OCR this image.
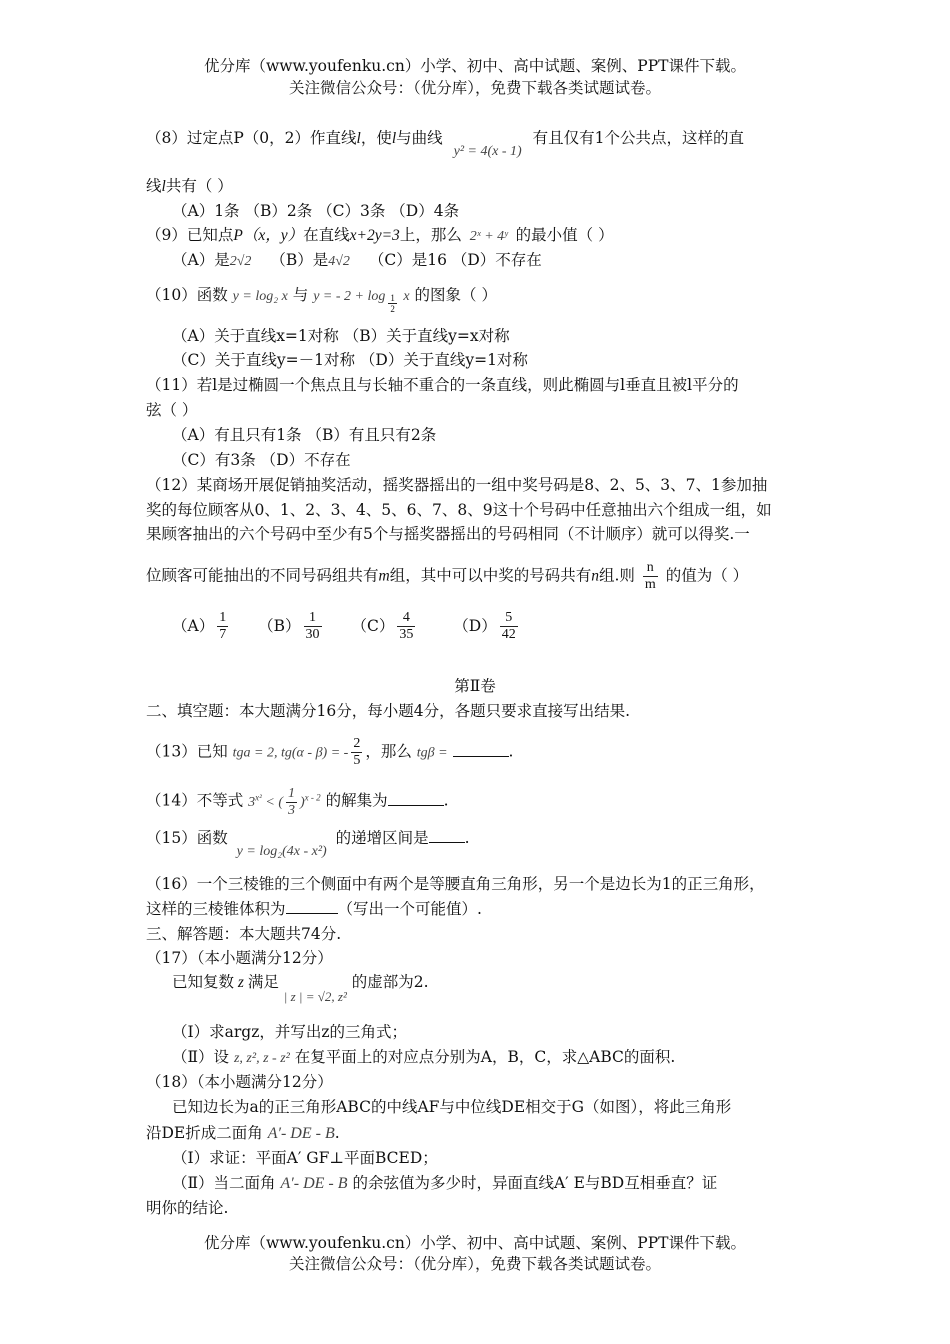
优分库（www.youfenku.cn）小学、初中、高中试题、案例、PPT课件下载。
关注微信公众号：（优分库），免费下载各类试题试卷。
（8）过定点P（0，2）作直线l，使l与曲线 y² = 4(x - 1) 有且仅有1个公共点，这样的直
线l共有（ ）
（A）1条 （B）2条 （C）3条 （D）4条
（9）已知点P（x，y）在直线x+2y=3上，那么 2ˣ + 4ʸ 的最小值（ ）
（A）是2√2 （B）是4√2 （C）是16 （D）不存在
（10）函数 y = log₂ x 与 y = - $2 + \log \frac{1}{2}$ x 的图象（ ）
（A）关于直线x=1对称 （B）关于直线y=x对称
（C）关于直线y=－1对称 （D）关于直线y=1对称
（11）若l是过椭圆一个焦点且与长轴不重合的一条直线，则此椭圆与l垂直且被l平分的
弦（ ）
（A）有且只有1条 （B）有且只有2条
（C）有3条 （D）不存在
（12）某商场开展促销抽奖活动，摇奖器摇出的一组中奖号码是8、2、5、3、7、1参加抽
奖的每位顾客从0、1、2、3、4、5、6、7、8、9这十个号码中任意抽出六个组成一组，如
果顾客抽出的六个号码中至少有5个与摇奖器摇出的号码相同（不计顺序）就可以得奖.一
位顾客可能抽出的不同号码组共有m组，其中可以中奖的号码共有n组.则 $\frac{n}{m}$ 的值为（ ）
$(A) \frac{1}{7} (B) \frac{1}{30} (C) \frac{4}{35} (D) \frac{5}{42}$
第Ⅱ卷
二、填空题：本大题满分16分，每小题4分，各题只要求直接写出结果.
（13）已知 tga = 2, tg(α - β) = - $\frac{2}{5}$ ，那么 tgβ =	.
（14）不等式 $3^{x^2}$ < ( $\frac{1}{3} )^{x - 2}$ 的解集为	.
（15）函数 y = log₂(4x - x²) 的递增区间是 .
（16）一个三棱锥的三个侧面中有两个是等腰直角三角形，另一个是边长为1的正三角形，
这样的三棱锥体积为	（写出一个可能值）.
三、解答题：本大题共74分.
（17）（本小题满分12分）
已知复数 z 满足 $_{| z | = √2, z^2}$ 的虚部为2.
（Ⅰ）求argz，并写出z的三角式；
（Ⅱ）设 z, z², z - z² 在复平面上的对应点分别为A，B，C，求△ABC的面积.
（18）（本小题满分12分）
已知边长为a的正三角形ABC的中线AF与中位线DE相交于G（如图），将此三角形
沿DE折成二面角 A′- DE - B.
（Ⅰ）求证：平面A′ GF⊥平面BCED；
（Ⅱ）当二面角 A′- DE - B 的余弦值为多少时，异面直线A′ E与BD互相垂直？证
明你的结论.
优分库（www.youfenku.cn）小学、初中、高中试题、案例、PPT课件下载。
关注微信公众号：（优分库），免费下载各类试题试卷。
